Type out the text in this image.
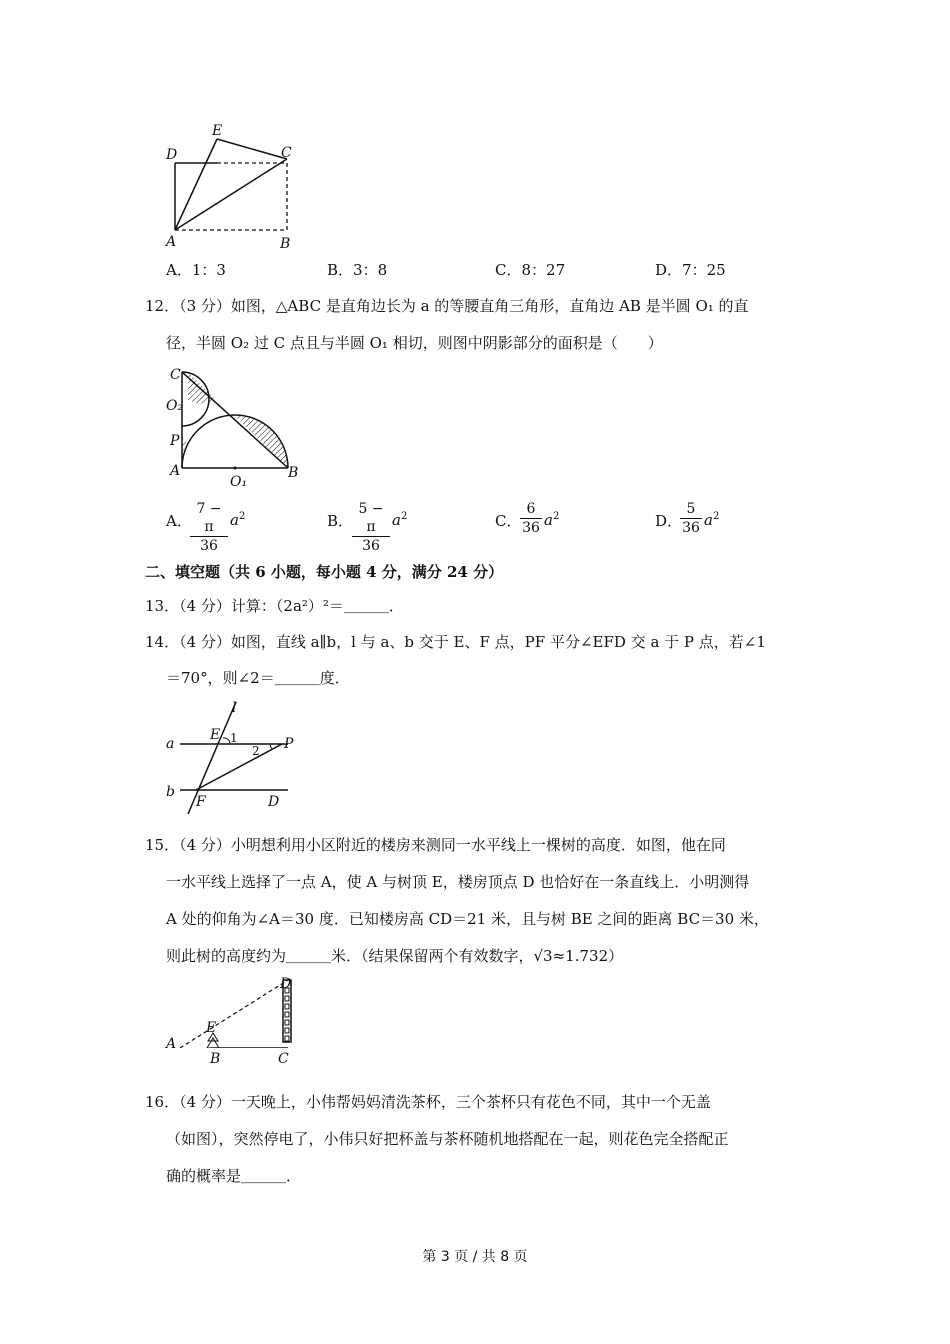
E
D	C
A	B
A．1：3	B．3：8	C．8：27	D．7：25
12．（3 分）如图，△ABC 是直角边长为 a 的等腰直角三角形，直角边 AB 是半圆 O₁ 的直
径，半圆 O₂ 过 C 点且与半圆 O₁ 相切，则图中阴影部分的面积是（　　）
C
O₂
P
A
O₁
B
A．
$\frac{7 - \pi}{36} a^2$	B．
$\frac{5 - \pi}{36} a^2$	C．
$\frac{6}{36} a^2$	D．
$\frac{5}{36} a^2$
二、填空题（共 6 小题，每小题 4 分，满分 24 分）
13．（4 分）计算：（2a²）²＝＿＿＿．
14．（4 分）如图，直线 a∥b，l 与 a、b 交于 E、F 点，PF 平分∠EFD 交 a 于 P 点，若∠1
＝70°，则∠2＝＿＿＿度．
l
a
E 1
2 P
b
F	D
15．（4 分）小明想利用小区附近的楼房来测同一水平线上一棵树的高度．如图，他在同
一水平线上选择了一点 A，使 A 与树顶 E，楼房顶点 D 也恰好在一条直线上．小明测得
A 处的仰角为∠A＝30 度．已知楼房高 CD＝21 米，且与树 BE 之间的距离 BC＝30 米，
则此树的高度约为＿＿＿米．（结果保留两个有效数字，√3≈1.732）
D
E
A
B	C
16．（4 分）一天晚上，小伟帮妈妈清洗茶杯，三个茶杯只有花色不同，其中一个无盖
（如图），突然停电了，小伟只好把杯盖与茶杯随机地搭配在一起，则花色完全搭配正
确的概率是＿＿＿．
第 3 页 / 共 8 页
